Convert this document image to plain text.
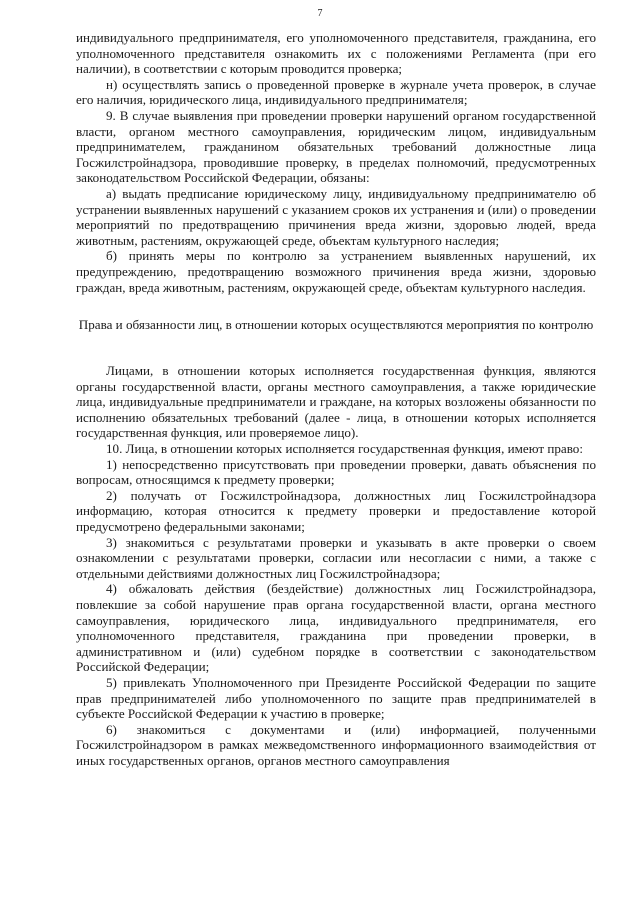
7

индивидуального предпринимателя, его уполномоченного представителя, гражданина, его уполномоченного представителя ознакомить их с положениями Регламента (при его наличии), в соответствии с которым проводится проверка;

н) осуществлять запись о проведенной проверке в журнале учета проверок, в случае его наличия, юридического лица, индивидуального предпринимателя;

9. В случае выявления при проведении проверки нарушений органом государственной власти, органом местного самоуправления, юридическим лицом, индивидуальным предпринимателем, гражданином обязательных требований должностные лица Госжилстройнадзора, проводившие проверку, в пределах полномочий, предусмотренных законодательством Российской Федерации, обязаны:

а) выдать предписание юридическому лицу, индивидуальному предпринимателю об устранении выявленных нарушений с указанием сроков их устранения и (или) о проведении мероприятий по предотвращению причинения вреда жизни, здоровью людей, вреда животным, растениям, окружающей среде, объектам культурного наследия;

б) принять меры по контролю за устранением выявленных нарушений, их предупреждению, предотвращению возможного причинения вреда жизни, здоровью граждан, вреда животным, растениям, окружающей среде, объектам культурного наследия.

Права и обязанности лиц, в отношении которых осуществляются мероприятия по контролю

Лицами, в отношении которых исполняется государственная функция, являются органы государственной власти, органы местного самоуправления, а также юридические лица, индивидуальные предприниматели и граждане, на которых возложены обязанности по исполнению обязательных требований (далее - лица, в отношении которых исполняется государственная функция, или проверяемое лицо).

10. Лица, в отношении которых исполняется государственная функция, имеют право:

1) непосредственно присутствовать при проведении проверки, давать объяснения по вопросам, относящимся к предмету проверки;

2) получать от Госжилстройнадзора, должностных лиц Госжилстройнадзора информацию, которая относится к предмету проверки и предоставление которой предусмотрено федеральными законами;

3) знакомиться с результатами проверки и указывать в акте проверки о своем ознакомлении с результатами проверки, согласии или несогласии с ними, а также с отдельными действиями должностных лиц Госжилстройнадзора;

4) обжаловать действия (бездействие) должностных лиц Госжилстройнадзора, повлекшие за собой нарушение прав органа государственной власти, органа местного самоуправления, юридического лица, индивидуального предпринимателя, его уполномоченного представителя, гражданина при проведении проверки, в административном и (или) судебном порядке в соответствии с законодательством Российской Федерации;

5) привлекать Уполномоченного при Президенте Российской Федерации по защите прав предпринимателей либо уполномоченного по защите прав предпринимателей в субъекте Российской Федерации к участию в проверке;

6) знакомиться с документами и (или) информацией, полученными Госжилстройнадзором в рамках межведомственного информационного взаимодействия от иных государственных органов, органов местного самоуправления
